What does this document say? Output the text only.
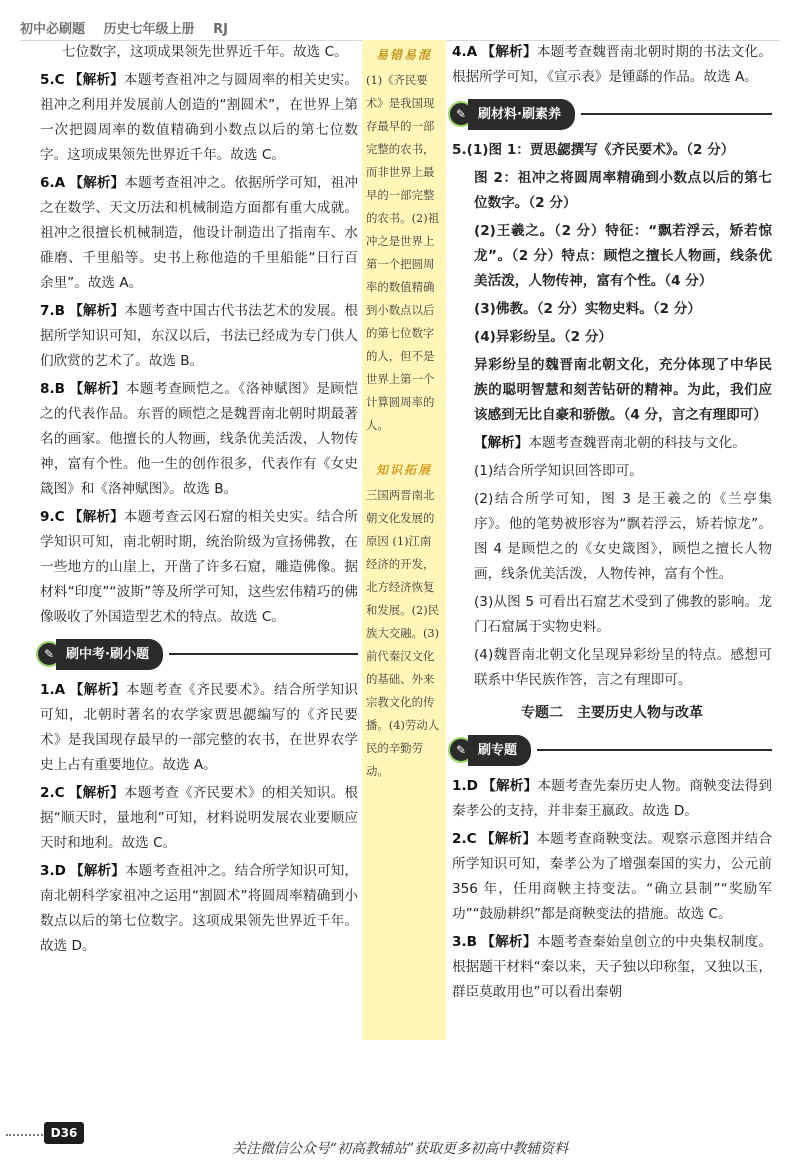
初中必刷题 历史七年级上册 RJ

七位数字，这项成果领先世界近千年。故选 C。

5.C 【解析】本题考查祖冲之与圆周率的相关史实。祖冲之利用并发展前人创造的“割圆术”，在世界上第一次把圆周率的数值精确到小数点以后的第七位数字。这项成果领先世界近千年。故选 C。

6.A 【解析】本题考查祖冲之。依据所学可知，祖冲之在数学、天文历法和机械制造方面都有重大成就。祖冲之很擅长机械制造，他设计制造出了指南车、水碓磨、千里船等。史书上称他造的千里船能“日行百余里”。故选 A。

7.B 【解析】本题考查中国古代书法艺术的发展。根据所学知识可知，东汉以后，书法已经成为专门供人们欣赏的艺术了。故选 B。

8.B 【解析】本题考查顾恺之。《洛神赋图》是顾恺之的代表作品。东晋的顾恺之是魏晋南北朝时期最著名的画家。他擅长的人物画，线条优美活泼，人物传神，富有个性。他一生的创作很多，代表作有《女史箴图》和《洛神赋图》。故选 B。

9.C 【解析】本题考查云冈石窟的相关史实。结合所学知识可知，南北朝时期，统治阶级为宣扬佛教，在一些地方的山崖上，开凿了许多石窟，雕造佛像。据材料“印度”“波斯”等及所学可知，这些宏伟精巧的佛像吸收了外国造型艺术的特点。故选 C。

✎ 刷中考·刷小题

1.A 【解析】本题考查《齐民要术》。结合所学知识可知，北朝时著名的农学家贾思勰编写的《齐民要术》是我国现存最早的一部完整的农书，在世界农学史上占有重要地位。故选 A。

2.C 【解析】本题考查《齐民要术》的相关知识。根据“顺天时，量地利”可知，材料说明发展农业要顺应天时和地利。故选 C。

3.D 【解析】本题考查祖冲之。结合所学知识可知，南北朝科学家祖冲之运用“割圆术”将圆周率精确到小数点以后的第七位数字。这项成果领先世界近千年。故选 D。

易错易混

(1)《齐民要术》是我国现存最早的一部完整的农书，而非世界上最早的一部完整的农书。(2)祖冲之是世界上第一个把圆周率的数值精确到小数点以后的第七位数字的人，但不是世界上第一个计算圆周率的人。

知识拓展

三国两晋南北朝文化发展的原因 (1)江南经济的开发，北方经济恢复和发展。(2)民族大交融。(3)前代秦汉文化的基础、外来宗教文化的传播。(4)劳动人民的辛勤劳动。

4.A 【解析】本题考查魏晋南北朝时期的书法文化。根据所学可知，《宣示表》是锺繇的作品。故选 A。

✎ 刷材料·刷素养

5.(1)图 1：贾思勰撰写《齐民要术》。（2 分）

图 2：祖冲之将圆周率精确到小数点以后的第七位数字。（2 分）

(2)王羲之。（2 分）特征：“飘若浮云，矫若惊龙”。（2 分）特点：顾恺之擅长人物画，线条优美活泼，人物传神，富有个性。（4 分）

(3)佛教。（2 分）实物史料。（2 分）

(4)异彩纷呈。（2 分）

异彩纷呈的魏晋南北朝文化，充分体现了中华民族的聪明智慧和刻苦钻研的精神。为此，我们应该感到无比自豪和骄傲。（4 分，言之有理即可）

【解析】本题考查魏晋南北朝的科技与文化。

(1)结合所学知识回答即可。

(2)结合所学可知，图 3 是王羲之的《兰亭集序》。他的笔势被形容为“飘若浮云，矫若惊龙”。图 4 是顾恺之的《女史箴图》，顾恺之擅长人物画，线条优美活泼，人物传神，富有个性。

(3)从图 5 可看出石窟艺术受到了佛教的影响。龙门石窟属于实物史料。

(4)魏晋南北朝文化呈现异彩纷呈的特点。感想可联系中华民族作答，言之有理即可。

专题二　主要历史人物与改革
✎ 刷专题

1.D 【解析】本题考查先秦历史人物。商鞅变法得到秦孝公的支持，并非秦王嬴政。故选 D。

2.C 【解析】本题考查商鞅变法。观察示意图并结合所学知识可知，秦孝公为了增强秦国的实力，公元前 356 年，任用商鞅主持变法。“确立县制”“奖励军功”“鼓励耕织”都是商鞅变法的措施。故选 C。

3.B 【解析】本题考查秦始皇创立的中央集权制度。根据题干材料“秦以来，天子独以印称玺，又独以玉，群臣莫敢用也”可以看出秦朝

D36
关注微信公众号“初高教辅站”获取更多初高中教辅资料
